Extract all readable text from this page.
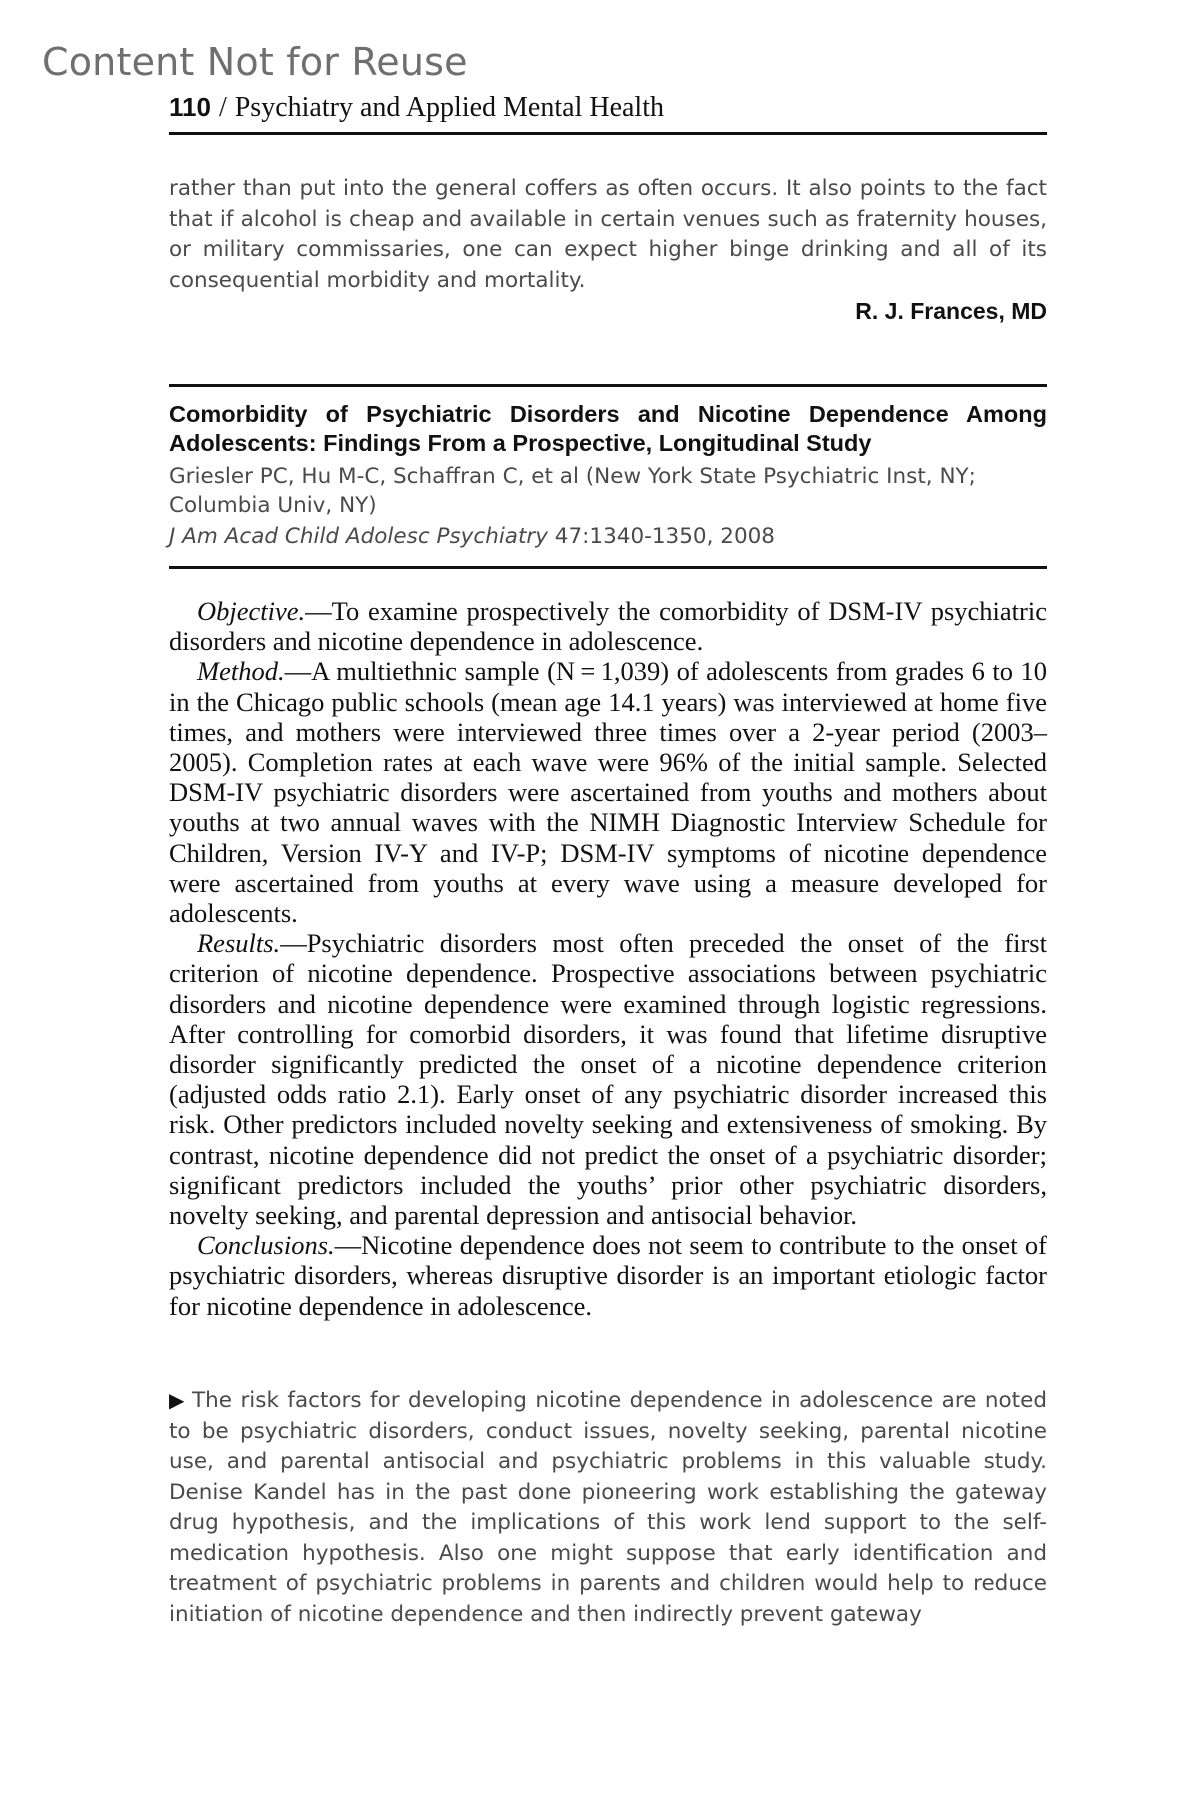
Content Not for Reuse
110 / Psychiatry and Applied Mental Health
rather than put into the general coffers as often occurs. It also points to the fact that if alcohol is cheap and available in certain venues such as fraternity houses, or military commissaries, one can expect higher binge drinking and all of its consequential morbidity and mortality.
R. J. Frances, MD
Comorbidity of Psychiatric Disorders and Nicotine Dependence Among Adolescents: Findings From a Prospective, Longitudinal Study
Griesler PC, Hu M-C, Schaffran C, et al (New York State Psychiatric Inst, NY; Columbia Univ, NY)
J Am Acad Child Adolesc Psychiatry 47:1340-1350, 2008

Objective.—To examine prospectively the comorbidity of DSM-IV psychiatric disorders and nicotine dependence in adolescence.

Method.—A multiethnic sample (N = 1,039) of adolescents from grades 6 to 10 in the Chicago public schools (mean age 14.1 years) was interviewed at home five times, and mothers were interviewed three times over a 2-year period (2003–2005). Completion rates at each wave were 96% of the initial sample. Selected DSM-IV psychiatric disorders were ascertained from youths and mothers about youths at two annual waves with the NIMH Diagnostic Interview Schedule for Children, Version IV-Y and IV-P; DSM-IV symptoms of nicotine dependence were ascertained from youths at every wave using a measure developed for adolescents.

Results.—Psychiatric disorders most often preceded the onset of the first criterion of nicotine dependence. Prospective associations between psychiatric disorders and nicotine dependence were examined through logistic regressions. After controlling for comorbid disorders, it was found that lifetime disruptive disorder significantly predicted the onset of a nicotine dependence criterion (adjusted odds ratio 2.1). Early onset of any psychiatric disorder increased this risk. Other predictors included novelty seeking and extensiveness of smoking. By contrast, nicotine dependence did not predict the onset of a psychiatric disorder; significant predictors included the youths’ prior other psychiatric disorders, novelty seeking, and parental depression and antisocial behavior.

Conclusions.—Nicotine dependence does not seem to contribute to the onset of psychiatric disorders, whereas disruptive disorder is an important etiologic factor for nicotine dependence in adolescence.

▶ The risk factors for developing nicotine dependence in adolescence are noted to be psychiatric disorders, conduct issues, novelty seeking, parental nicotine use, and parental antisocial and psychiatric problems in this valuable study. Denise Kandel has in the past done pioneering work establishing the gateway drug hypothesis, and the implications of this work lend support to the self-medication hypothesis. Also one might suppose that early identification and treatment of psychiatric problems in parents and children would help to reduce initiation of nicotine dependence and then indirectly prevent gateway
